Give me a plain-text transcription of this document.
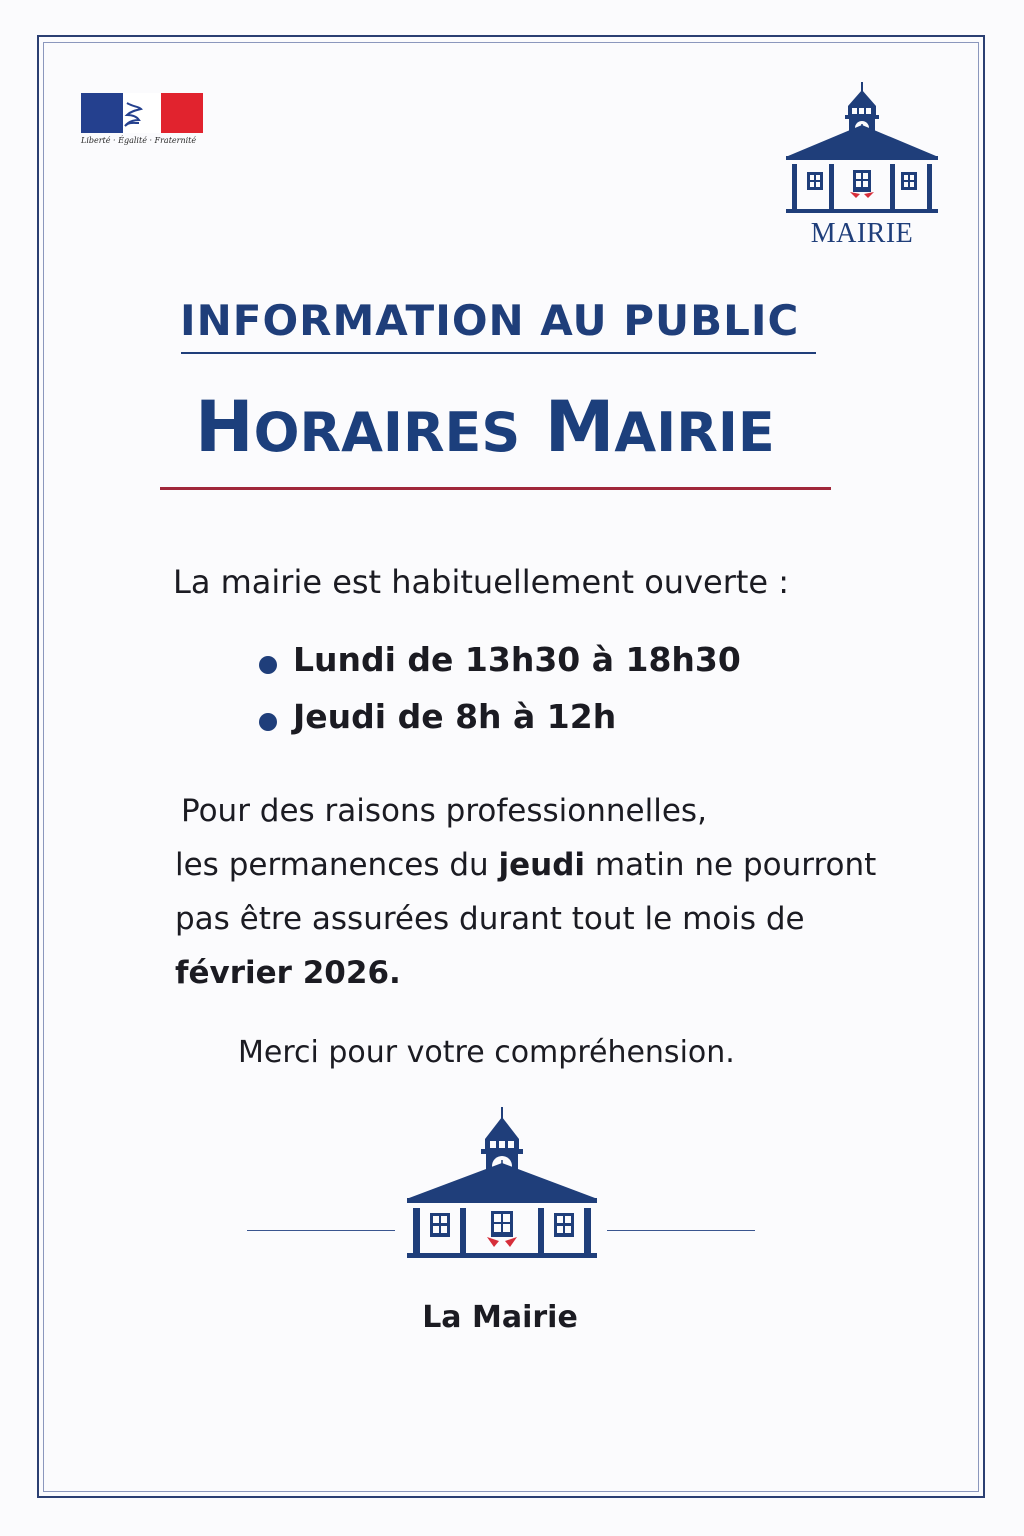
Liberté · Égalité · Fraternité
MAIRIE
INFORMATION AU PUBLIC
HORAIRES MAIRIE
La mairie est habituellement ouverte :
Lundi de 13h30 à 18h30
Jeudi de 8h à 12h
Pour des raisons professionnelles,
les permanences du jeudi matin ne pourront
pas être assurées durant tout le mois de
février 2026.
Merci pour votre compréhension.
La Mairie
